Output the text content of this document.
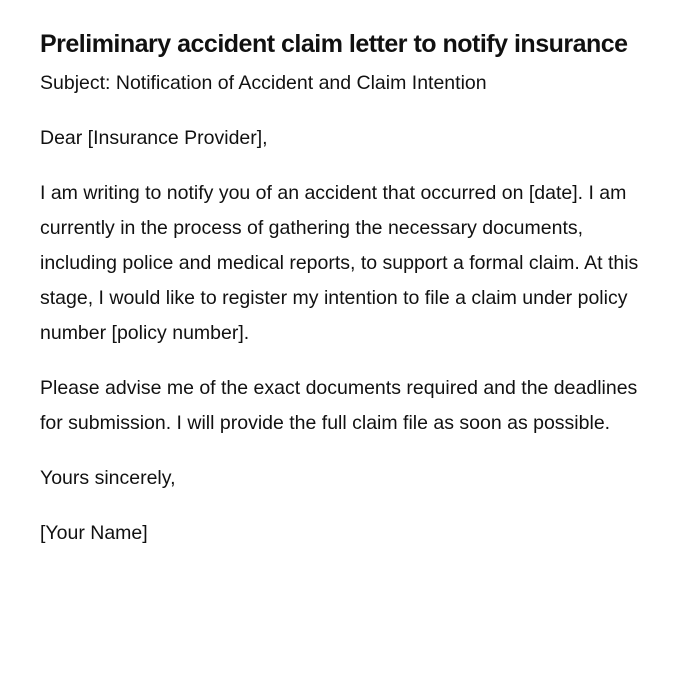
Preliminary accident claim letter to notify insurance

Subject: Notification of Accident and Claim Intention

Dear [Insurance Provider],

I am writing to notify you of an accident that occurred on [date]. I am currently in the process of gathering the necessary documents, including police and medical reports, to support a formal claim. At this stage, I would like to register my intention to file a claim under policy number [policy number].

Please advise me of the exact documents required and the deadlines for submission. I will provide the full claim file as soon as possible.

Yours sincerely,

[Your Name]
